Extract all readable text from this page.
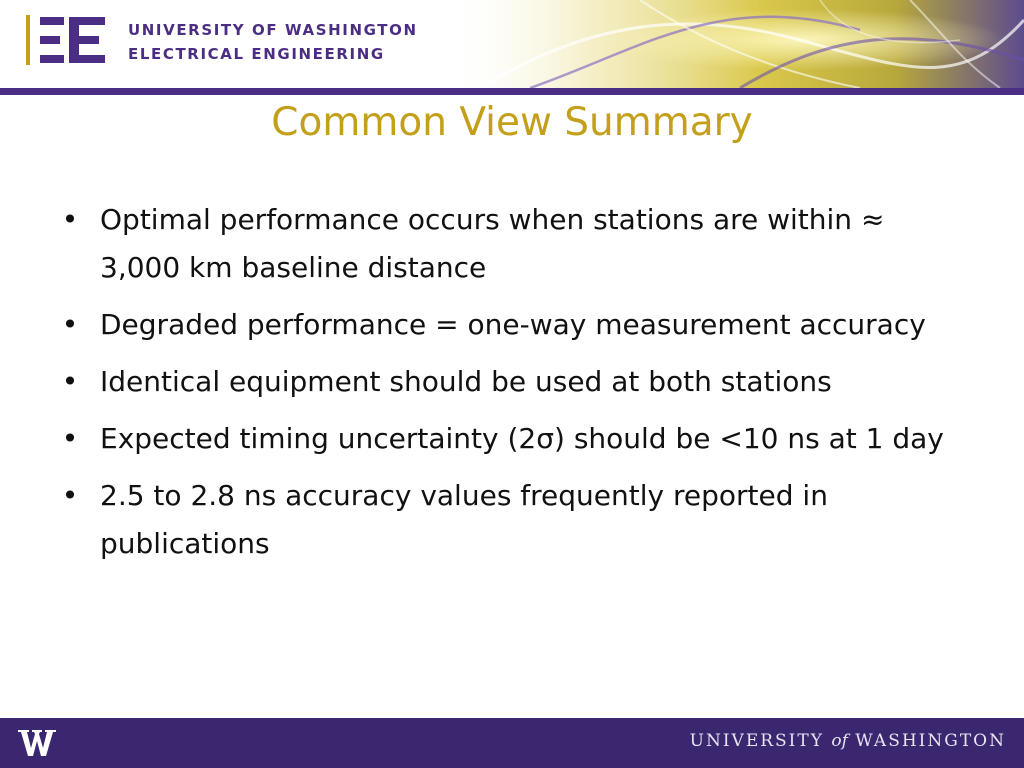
UNIVERSITY OF WASHINGTON
ELECTRICAL ENGINEERING
Common View Summary
• Optimal performance occurs when stations are within ≈ 3,000 km baseline distance
• Degraded performance = one-way measurement accuracy
• Identical equipment should be used at both stations
• Expected timing uncertainty (2σ) should be <10 ns at 1 day
• 2.5 to 2.8 ns accuracy values frequently reported in publications
UNIVERSITY of WASHINGTON
